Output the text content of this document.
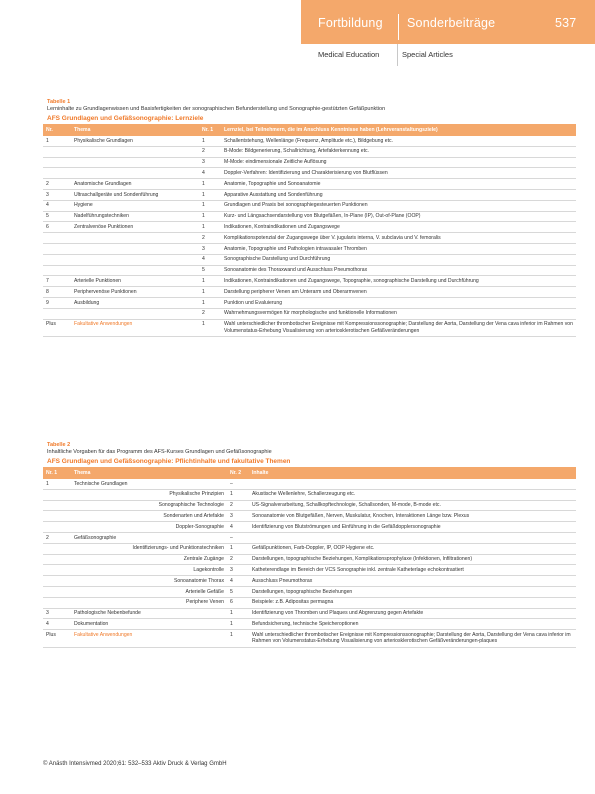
Fortbildung Sonderbeiträge	537
Medical Education	Special Articles
Tabelle 1
Lerninhalte zu Grundlagenwissen und Basisfertigkeiten der sonographischen Befunderstellung und Sonographie-gestützten Gefäßpunktion
AFS Grundlagen und Gefäßsonographie: Lernziele
Nr.	Thema	Nr. 1	Lernziel, bei Teilnehmern, die im Anschluss Kenntnisse haben (Lehrveranstaltungsziele)
1	Physikalische Grundlagen	1	Schallentstehung, Wellenlänge (Frequenz, Amplitude etc.), Bildgebung etc.
		2	B-Mode: Bildgenerierung, Schallrichtung, Artefakterkennung etc.
		3	M-Mode: eindimensionale Zeitliche Auflösung
		4	Doppler-Verfahren: Identifizierung und Charakterisierung von Blutflüssen
2	Anatomische Grundlagen	1	Anatomie, Topographie und Sonoanatomie
3	Ultraschallgeräte und Sondenführung	1	Apparative Ausstattung und Sondenführung
4	Hygiene	1	Grundlagen und Praxis bei sonographiegesteuerten Punktionen
5	Nadelführungstechniken	1	Kurz- und Längsachsendarstellung von Blutgefäßen, In-Plane (IP), Out-of-Plane (OOP)
6	Zentralvenöse Punktionen	1	Indikationen, Kontraindikationen und Zugangswege
		2	Komplikationspotenzial der Zugangswege über V. jugularis interna, V. subclavia und V. femoralis
		3	Anatomie, Topographie und Pathologien intravasaler Thromben
		4	Sonographische Darstellung und Durchführung
		5	Sonoanatomie des Thoraxwand und Ausschluss Pneumothorax
7	Arterielle Punktionen	1	Indikationen, Kontraindikationen und Zugangswege, Topographie, sonographische Darstellung und Durchführung
8	Periphervenöse Punktionen	1	Darstellung peripherer Venen am Unterarm und Oberarmvenen
9	Ausbildung	1	Punktion und Evaluierung
		2	Wahrnehmungsvermögen für morphologische und funktionelle Informationen
Plus	Fakultative Anwendungen	1	Wahl unterschiedlicher thrombotischer Ereignisse mit Kompressionssonographie; Darstellung der Aorta, Darstellung der Vena cava inferior im Rahmen von Volumenstatus-Erhebung Visualisierung von arteriosklerotischen Gefäßveränderungen
Tabelle 2
Inhaltliche Vorgaben für das Programm des AFS-Kurses Grundlagen und Gefäßsonographie
AFS Grundlagen und Gefäßsonographie: Pflichtinhalte und fakultative Themen
Nr. 1	Thema	Nr. 2	Inhalte
1	Technische Grundlagen	–	
	Physikalische Prinzipien	1	Akustische Wellenlehre, Schallerzeugung etc.
	Sonographische Technologie	2	US-Signalverarbeitung, Schallkopftechnologie, Schallsonden, M-mode, B-mode etc.
	Sondenarten und Artefakte	3	Sonoanatomie von Blutgefäßen, Nerven, Muskulatur, Knochen, Interaktionen Länge bzw. Plexus
	Doppler-Sonographie	4	Identifizierung von Blutströmungen und Einführung in die Gefäßdopplersonographie
2	Gefäßsonographie	–	
	Identifizierungs- und Punktionstechniken	1	Gefäßpunktionen, Farb-Doppler, IP, OOP Hygiene etc.
	Zentrale Zugänge	2	Darstellungen, topographische Beziehungen, Komplikationsprophylaxe (Infektionen, Infiltrationen)
	Lagekontrolle	3	Katheterendlage im Bereich der VCS Sonographie inkl. zentrale Katheterlage echokontrastiert
	Sonoanatomie Thorax	4	Ausschluss Pneumothorax
	Arterielle Gefäße	5	Darstellungen, topographische Beziehungen
	Periphere Venen	6	Beispiele: z.B. Adipositas permagna
3	Pathologische Nebenbefunde	1	Identifizierung von Thromben und Plaques und Abgrenzung gegen Artefakte
4	Dokumentation	1	Befundsicherung, technische Speicheroptionen
Plus	Fakultative Anwendungen	1	Wahl unterschiedlicher thrombotischer Ereignisse mit Kompressionssonographie; Darstellung der Aorta, Darstellung der Vena cava inferior im Rahmen von Volumenstatus-Erhebung Visualisierung von arteriosklerotischen Gefäßveränderungen-plaques
© Anästh Intensivmed 2020;61: 532–533 Aktiv Druck & Verlag GmbH
